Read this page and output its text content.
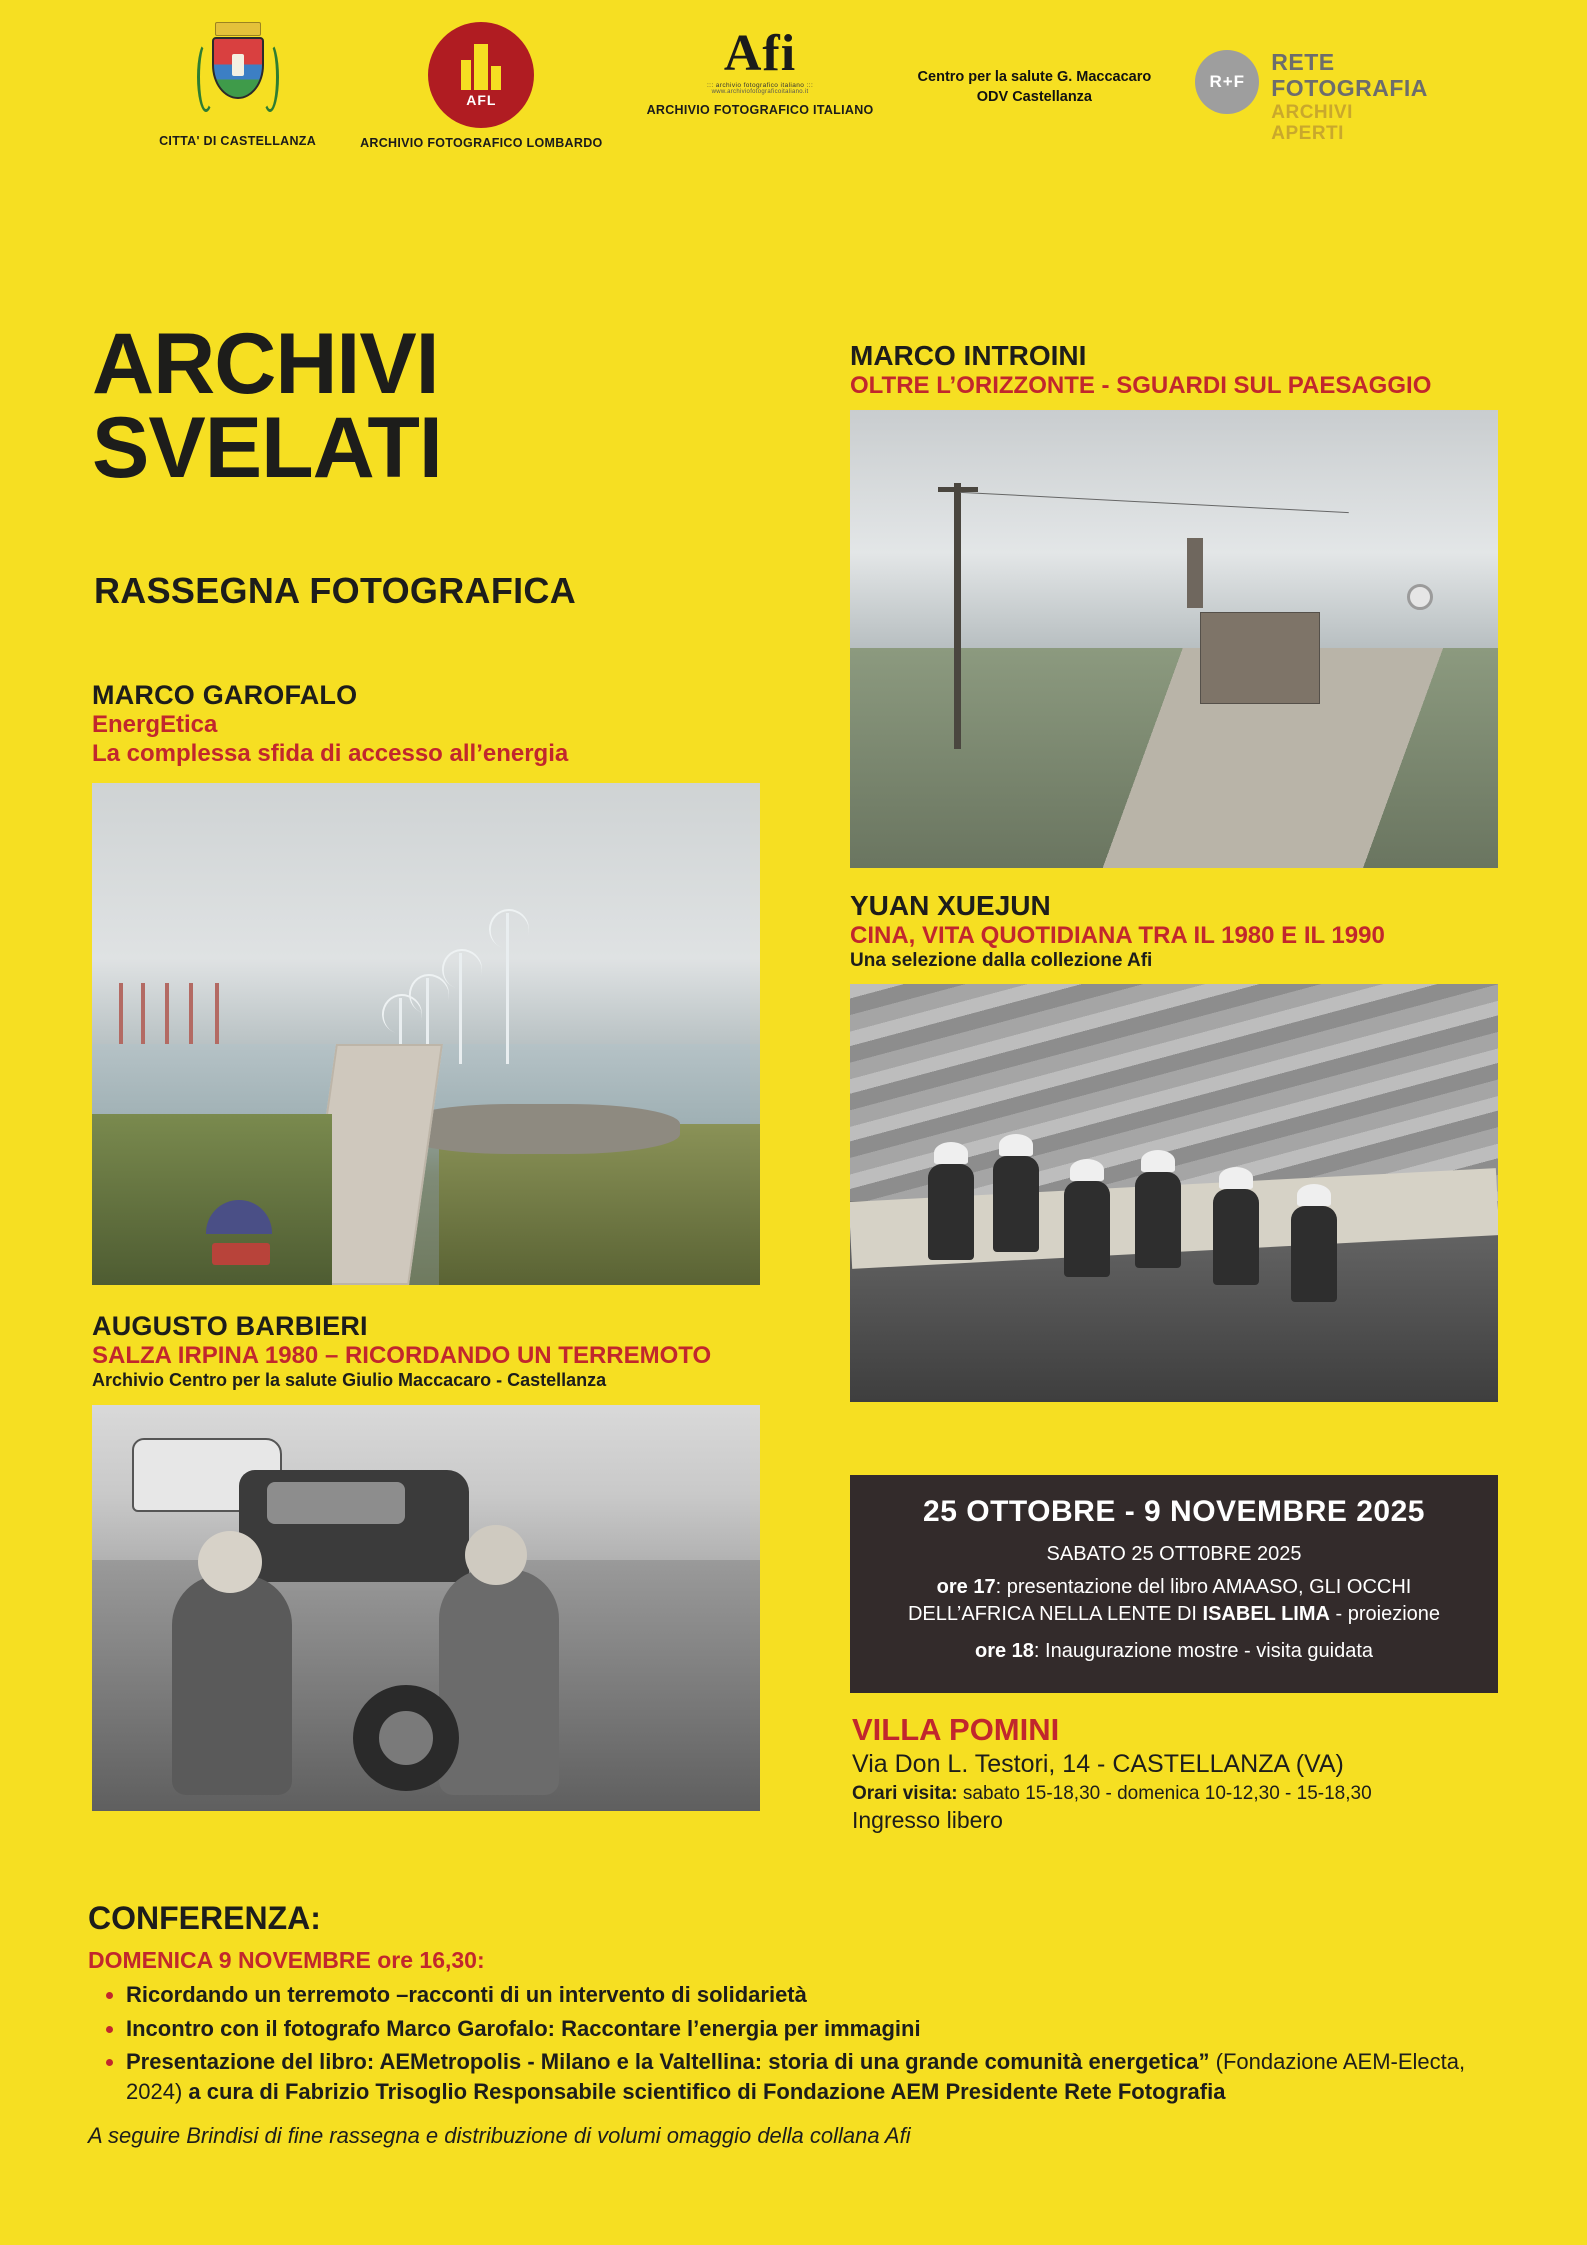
CITTA' DI CASTELLANZA
AFL
ARCHIVIO FOTOGRAFICO LOMBARDO
Afi
::: archivio fotografico italiano :::
www.archiviofotograficoitaliano.it
ARCHIVIO FOTOGRAFICO ITALIANO
Centro per la salute G. Maccacaro
ODV Castellanza
R+F
RETE
FOTOGRAFIA
ARCHIVI
APERTI
ARCHIVI
SVELATI
RASSEGNA FOTOGRAFICA
MARCO GAROFALO
EnergEtica
La complessa sfida di accesso all’energia
AUGUSTO BARBIERI
SALZA IRPINA 1980 – RICORDANDO UN TERREMOTO
Archivio Centro per la salute Giulio Maccacaro - Castellanza
MARCO INTROINI
OLTRE L’ORIZZONTE - SGUARDI SUL PAESAGGIO
YUAN XUEJUN
CINA, VITA QUOTIDIANA TRA IL 1980 E IL 1990
Una selezione dalla collezione Afi
25 OTTOBRE - 9 NOVEMBRE 2025
SABATO 25 OTT0BRE 2025
ore 17: presentazione del libro AMAASO, GLI OCCHI
DELL’AFRICA NELLA LENTE DI ISABEL LIMA - proiezione
ore 18: Inaugurazione mostre - visita guidata
VILLA POMINI
Via Don L. Testori, 14 - CASTELLANZA (VA)
Orari visita: sabato 15-18,30 - domenica 10-12,30 - 15-18,30
Ingresso libero
CONFERENZA:
DOMENICA 9 NOVEMBRE ore 16,30:
• Ricordando un terremoto –racconti di un intervento di solidarietà
• Incontro con il fotografo Marco Garofalo: Raccontare l’energia per immagini
• Presentazione del libro: AEMetropolis - Milano e la Valtellina: storia di una grande comunità energetica” (Fondazione AEM-Electa, 2024) a cura di Fabrizio Trisoglio Responsabile scientifico di Fondazione AEM Presidente Rete Fotografia
A seguire Brindisi di fine rassegna e distribuzione di volumi omaggio della collana Afi
